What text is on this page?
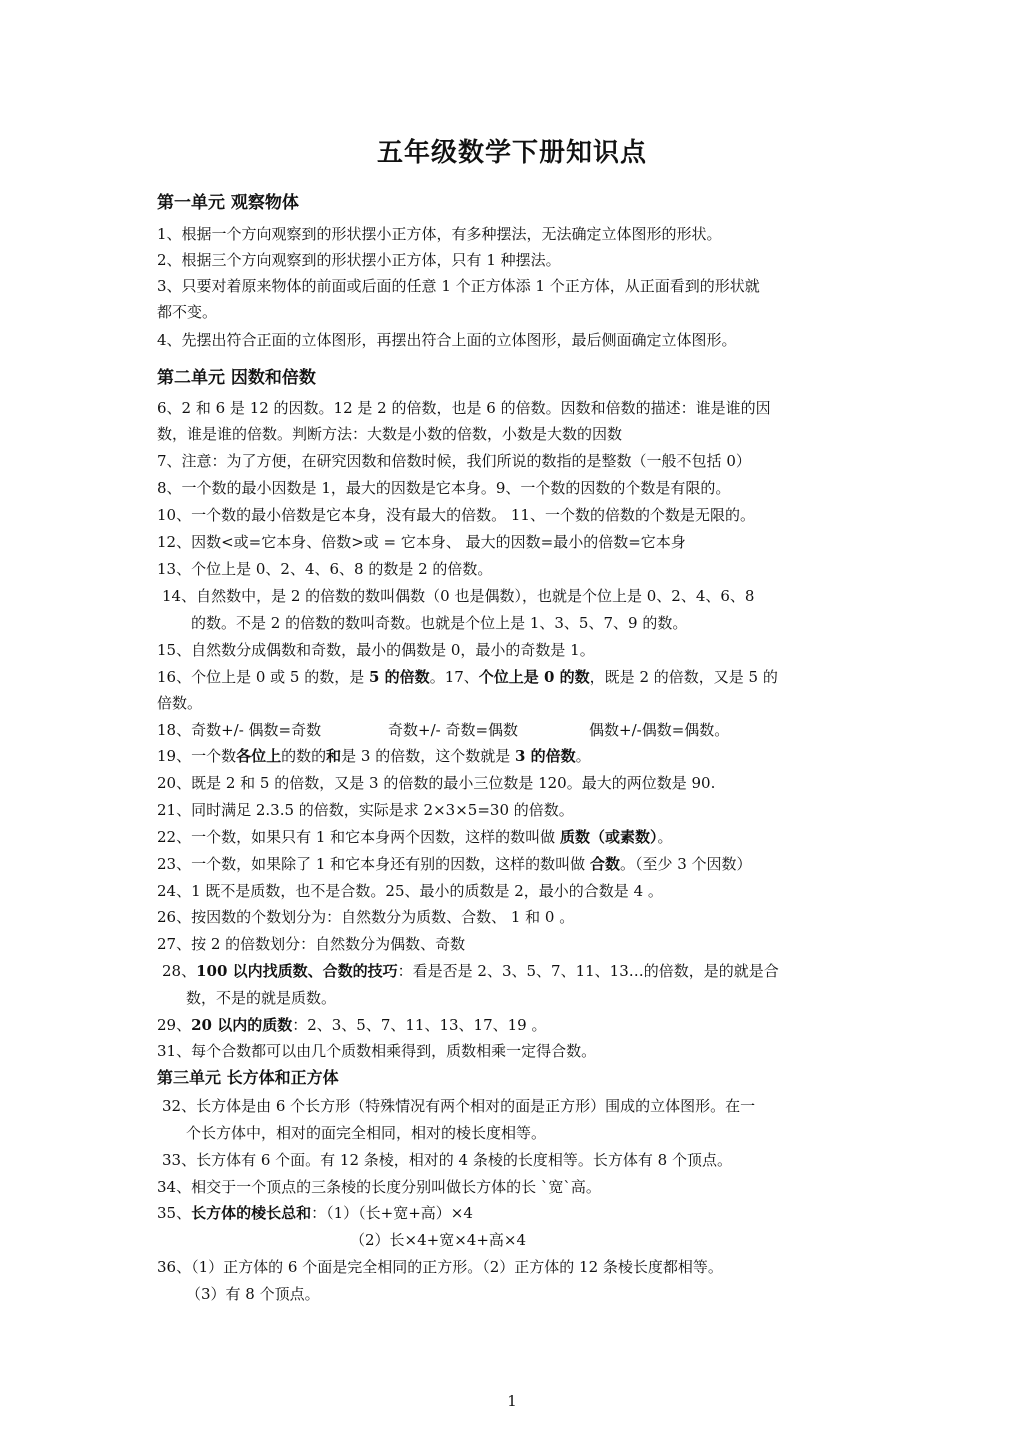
五年级数学下册知识点
第一单元 观察物体
1、根据一个方向观察到的形状摆小正方体，有多种摆法，无法确定立体图形的形状。
2、根据三个方向观察到的形状摆小正方体，只有 1 种摆法。
3、只要对着原来物体的前面或后面的任意 1 个正方体添 1 个正方体，从正面看到的形状就
都不变。
4、先摆出符合正面的立体图形，再摆出符合上面的立体图形，最后侧面确定立体图形。
第二单元 因数和倍数
6、2 和 6 是 12 的因数。12 是 2 的倍数，也是 6 的倍数。因数和倍数的描述：谁是谁的因
数，谁是谁的倍数。判断方法：大数是小数的倍数，小数是大数的因数
7、注意：为了方便，在研究因数和倍数时候，我们所说的数指的是整数（一般不包括 0）
8、一个数的最小因数是 1，最大的因数是它本身。9、一个数的因数的个数是有限的。
10、一个数的最小倍数是它本身，没有最大的倍数。 11、一个数的倍数的个数是无限的。
12、因数<或=它本身、倍数>或 = 它本身、 最大的因数=最小的倍数=它本身
13、个位上是 0、2、4、6、8 的数是 2 的倍数。
14、自然数中，是 2 的倍数的数叫偶数（0 也是偶数），也就是个位上是 0、2、4、6、8
的数。不是 2 的倍数的数叫奇数。也就是个位上是 1、3、5、7、9 的数。
15、自然数分成偶数和奇数，最小的偶数是 0，最小的奇数是 1。
16、个位上是 0 或 5 的数，是 5 的倍数。17、个位上是 0 的数，既是 2 的倍数，又是 5 的
倍数。
18、奇数+/- 偶数=奇数	奇数+/- 奇数=偶数	偶数+/-偶数=偶数。
19、一个数各位上的数的和是 3 的倍数，这个数就是 3 的倍数。
20、既是 2 和 5 的倍数，又是 3 的倍数的最小三位数是 120。最大的两位数是 90.
21、同时满足 2.3.5 的倍数，实际是求 2×3×5=30 的倍数。
22、一个数，如果只有 1 和它本身两个因数，这样的数叫做 质数（或素数）。
23、一个数，如果除了 1 和它本身还有别的因数，这样的数叫做 合数。（至少 3 个因数）
24、1 既不是质数，也不是合数。25、最小的质数是 2，最小的合数是 4 。
26、按因数的个数划分为：自然数分为质数、合数、 1 和 0 。
27、按 2 的倍数划分：自然数分为偶数、奇数
28、100 以内找质数、合数的技巧：看是否是 2、3、5、7、11、13…的倍数，是的就是合
数，不是的就是质数。
29、20 以内的质数：2、3、5、7、11、13、17、19 。
31、每个合数都可以由几个质数相乘得到，质数相乘一定得合数。
第三单元 长方体和正方体
32、长方体是由 6 个长方形（特殊情况有两个相对的面是正方形）围成的立体图形。在一
个长方体中，相对的面完全相同，相对的棱长度相等。
33、长方体有 6 个面。有 12 条棱，相对的 4 条棱的长度相等。长方体有 8 个顶点。
34、相交于一个顶点的三条棱的长度分别叫做长方体的长 `宽`高。
35、长方体的棱长总和：（1）（长+宽+高）×4
（2）长×4+宽×4+高×4
36、（1）正方体的 6 个面是完全相同的正方形。（2）正方体的 12 条棱长度都相等。
（3）有 8 个顶点。
1
